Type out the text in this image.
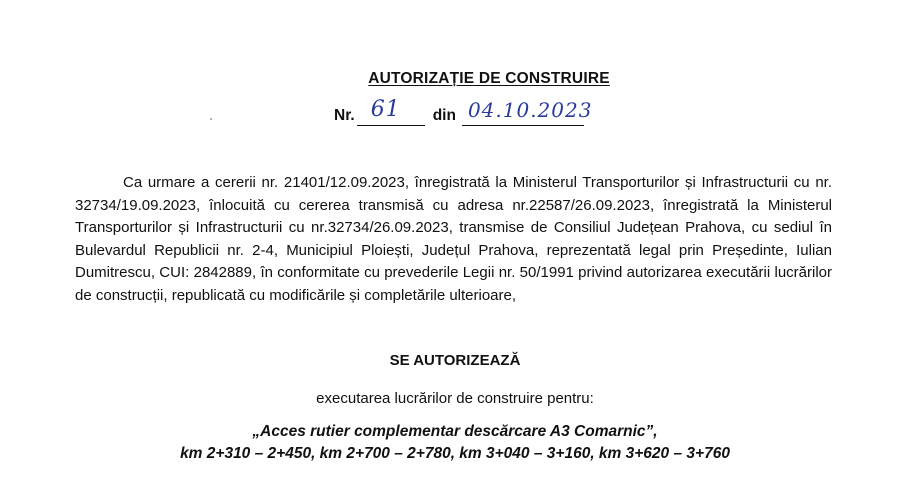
AUTORIZAȚIE DE CONSTRUIRE
Nr. 61 din 04.10.2023

Ca urmare a cererii nr. 21401/12.09.2023, înregistrată la Ministerul Transporturilor și Infrastructurii cu nr. 32734/19.09.2023, înlocuită cu cererea transmisă cu adresa nr.22587/26.09.2023, înregistrată la Ministerul Transporturilor și Infrastructurii cu nr.32734/26.09.2023, transmise de Consiliul Județean Prahova, cu sediul în Bulevardul Republicii nr. 2-4, Municipiul Ploiești, Județul Prahova, reprezentată legal prin Președinte, Iulian Dumitrescu, CUI: 2842889, în conformitate cu prevederile Legii nr. 50/1991 privind autorizarea executării lucrărilor de construcții, republicată cu modificările și completările ulterioare,

SE AUTORIZEAZĂ
executarea lucrărilor de construire pentru:
„Acces rutier complementar descărcare A3 Comarnic”,
km 2+310 – 2+450, km 2+700 – 2+780, km 3+040 – 3+160, km 3+620 – 3+760
